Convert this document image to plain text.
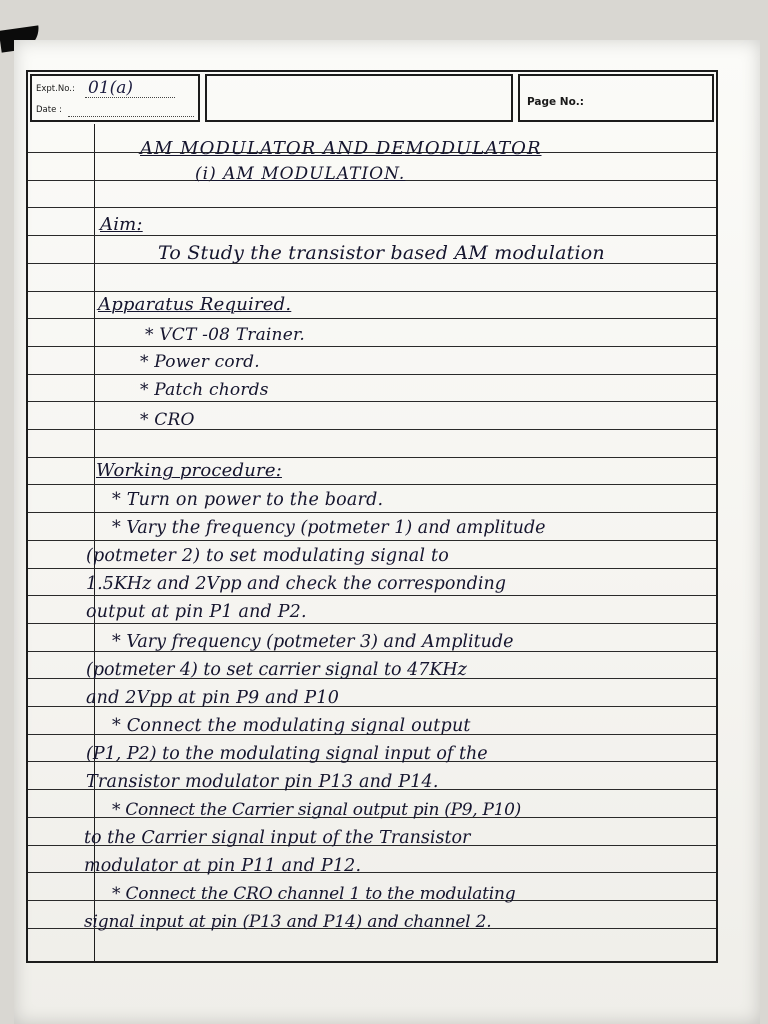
Expt.No.:
Date :
Page No.:
01(a)
AM MODULATOR AND DEMODULATOR
(i) AM MODULATION.
Aim:
To Study the transistor based AM modulation
Apparatus Required.
* VCT -08 Trainer.
* Power cord.
* Patch chords
* CRO
Working procedure:
* Turn on power to the board.
* Vary the frequency (potmeter 1) and amplitude
(potmeter 2) to set modulating signal to
1.5KHz and 2Vpp and check the corresponding
output at pin P1 and P2.
* Vary frequency (potmeter 3) and Amplitude
(potmeter 4) to set carrier signal to 47KHz
and 2Vpp at pin P9 and P10
* Connect the modulating signal output
(P1, P2) to the modulating signal input of the
Transistor modulator pin P13 and P14.
* Connect the Carrier signal output pin (P9, P10)
to the Carrier signal input of the Transistor
modulator at pin P11 and P12.
* Connect the CRO channel 1 to the modulating
signal input at pin (P13 and P14) and channel 2.
